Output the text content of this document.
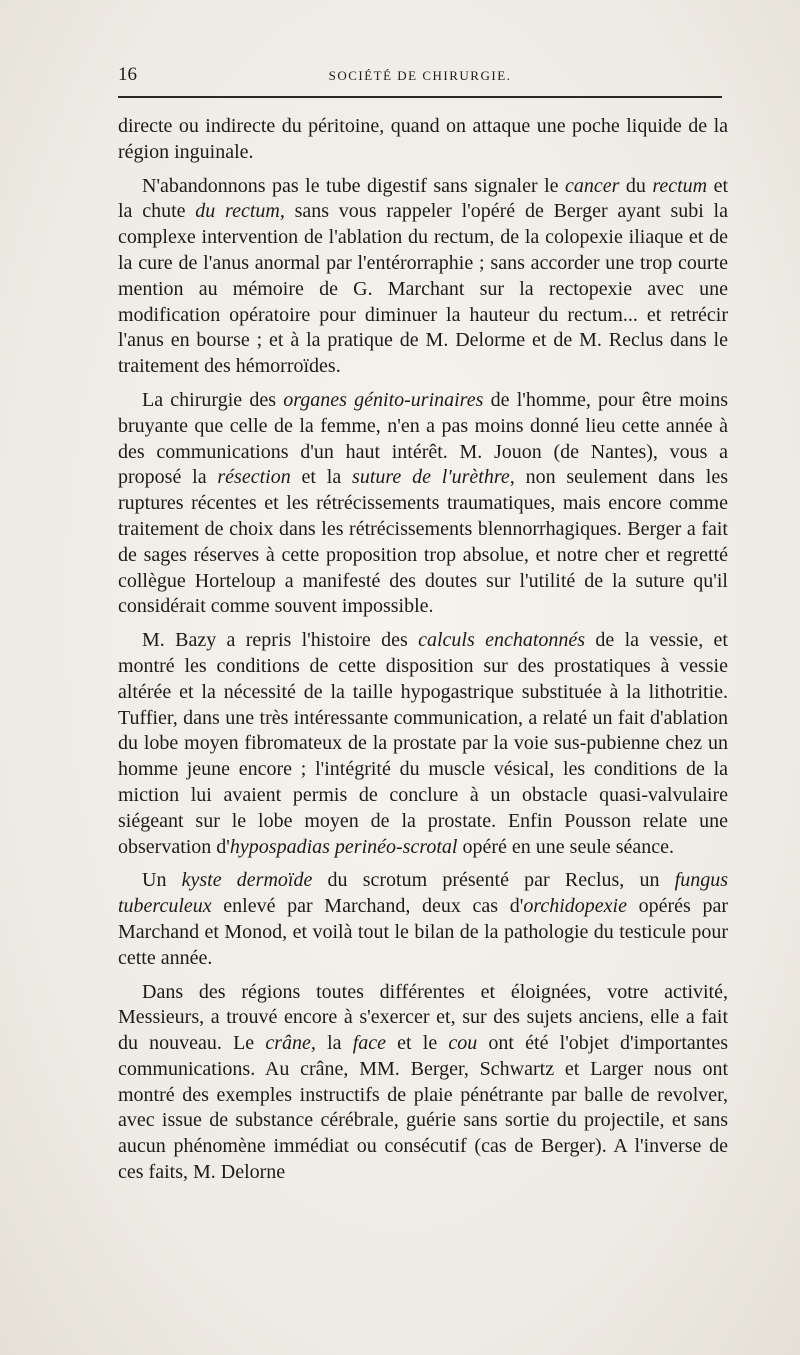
16	SOCIÉTÉ DE CHIRURGIE.

directe ou indirecte du péritoine, quand on attaque une poche liquide de la région inguinale.

N'abandonnons pas le tube digestif sans signaler le cancer du rectum et la chute du rectum, sans vous rappeler l'opéré de Berger ayant subi la complexe intervention de l'ablation du rectum, de la colopexie iliaque et de la cure de l'anus anormal par l'entérorraphie ; sans accorder une trop courte mention au mémoire de G. Marchant sur la rectopexie avec une modification opératoire pour diminuer la hauteur du rectum... et retrécir l'anus en bourse ; et à la pratique de M. Delorme et de M. Reclus dans le traitement des hémorroïdes.

La chirurgie des organes génito-urinaires de l'homme, pour être moins bruyante que celle de la femme, n'en a pas moins donné lieu cette année à des communications d'un haut intérêt. M. Jouon (de Nantes), vous a proposé la résection et la suture de l'urèthre, non seulement dans les ruptures récentes et les rétrécissements traumatiques, mais encore comme traitement de choix dans les rétrécissements blennorrhagiques. Berger a fait de sages réserves à cette proposition trop absolue, et notre cher et regretté collègue Horteloup a manifesté des doutes sur l'utilité de la suture qu'il considérait comme souvent impossible.

M. Bazy a repris l'histoire des calculs enchatonnés de la vessie, et montré les conditions de cette disposition sur des prostatiques à vessie altérée et la nécessité de la taille hypogastrique substituée à la lithotritie. Tuffier, dans une très intéressante communication, a relaté un fait d'ablation du lobe moyen fibromateux de la prostate par la voie sus-pubienne chez un homme jeune encore ; l'intégrité du muscle vésical, les conditions de la miction lui avaient permis de conclure à un obstacle quasi-valvulaire siégeant sur le lobe moyen de la prostate. Enfin Pousson relate une observation d'hypospadias perinéo-scrotal opéré en une seule séance.

Un kyste dermoïde du scrotum présenté par Reclus, un fungus tuberculeux enlevé par Marchand, deux cas d'orchidopexie opérés par Marchand et Monod, et voilà tout le bilan de la pathologie du testicule pour cette année.

Dans des régions toutes différentes et éloignées, votre activité, Messieurs, a trouvé encore à s'exercer et, sur des sujets anciens, elle a fait du nouveau. Le crâne, la face et le cou ont été l'objet d'importantes communications. Au crâne, MM. Berger, Schwartz et Larger nous ont montré des exemples instructifs de plaie pénétrante par balle de revolver, avec issue de substance cérébrale, guérie sans sortie du projectile, et sans aucun phénomène immédiat ou consécutif (cas de Berger). A l'inverse de ces faits, M. Delorne
